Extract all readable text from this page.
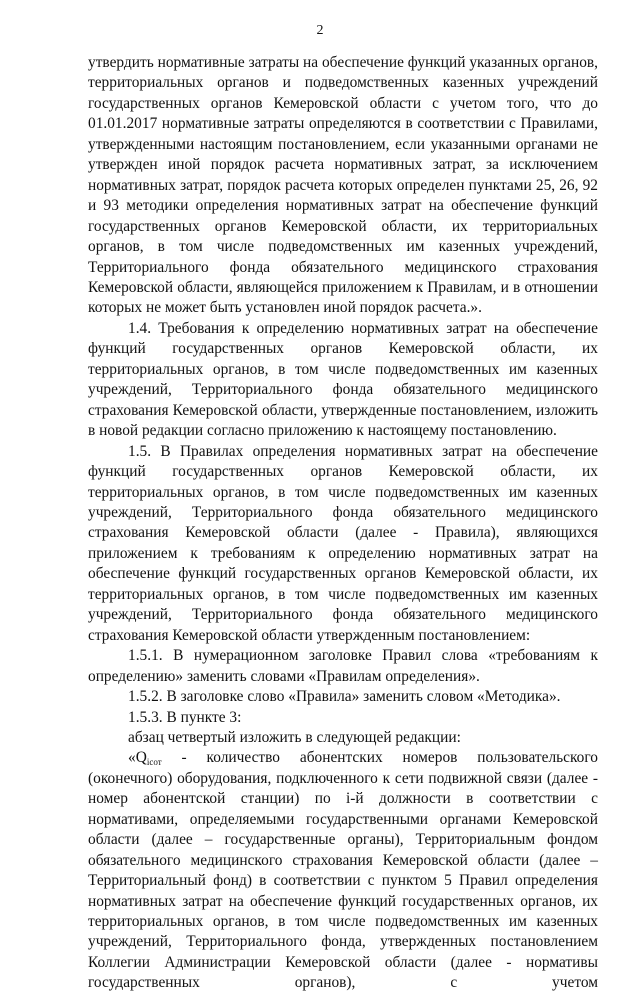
2

утвердить нормативные затраты на обеспечение функций указанных органов, территориальных органов и подведомственных казенных учреждений государственных органов Кемеровской области с учетом того, что до 01.01.2017 нормативные затраты определяются в соответствии с Правилами, утвержденными настоящим постановлением, если указанными органами не утвержден иной порядок расчета нормативных затрат, за исключением нормативных затрат, порядок расчета которых определен пунктами 25, 26, 92 и 93 методики определения нормативных затрат на обеспечение функций государственных органов Кемеровской области, их территориальных органов, в том числе подведомственных им казенных учреждений, Территориального фонда обязательного медицинского страхования Кемеровской области, являющейся приложением к Правилам, и в отношении которых не может быть установлен иной порядок расчета.».

1.4. Требования к определению нормативных затрат на обеспечение функций государственных органов Кемеровской области, их территориальных органов, в том числе подведомственных им казенных учреждений, Территориального фонда обязательного медицинского страхования Кемеровской области, утвержденные постановлением, изложить в новой редакции согласно приложению к настоящему постановлению.

1.5. В Правилах определения нормативных затрат на обеспечение функций государственных органов Кемеровской области, их территориальных органов, в том числе подведомственных им казенных учреждений, Территориального фонда обязательного медицинского страхования Кемеровской области (далее - Правила), являющихся приложением к требованиям к определению нормативных затрат на обеспечение функций государственных органов Кемеровской области, их территориальных органов, в том числе подведомственных им казенных учреждений, Территориального фонда обязательного медицинского страхования Кемеровской области утвержденным постановлением:

1.5.1. В нумерационном заголовке Правил слова «требованиям к определению» заменить словами «Правилам определения».

1.5.2. В заголовке слово «Правила» заменить словом «Методика».

1.5.3. В пункте 3:

абзац четвертый изложить в следующей редакции:

«$Q_{iсот}$ - количество абонентских номеров пользовательского (оконечного) оборудования, подключенного к сети подвижной связи (далее - номер абонентской станции) по i-й должности в соответствии с нормативами, определяемыми государственными органами Кемеровской области (далее – государственные органы), Территориальным фондом обязательного медицинского страхования Кемеровской области (далее – Территориальный фонд) в соответствии с пунктом 5 Правил определения нормативных затрат на обеспечение функций государственных органов, их территориальных органов, в том числе подведомственных им казенных учреждений, Территориального фонда, утвержденных постановлением Коллегии Администрации Кемеровской области (далее - нормативы государственных органов), с учетом
